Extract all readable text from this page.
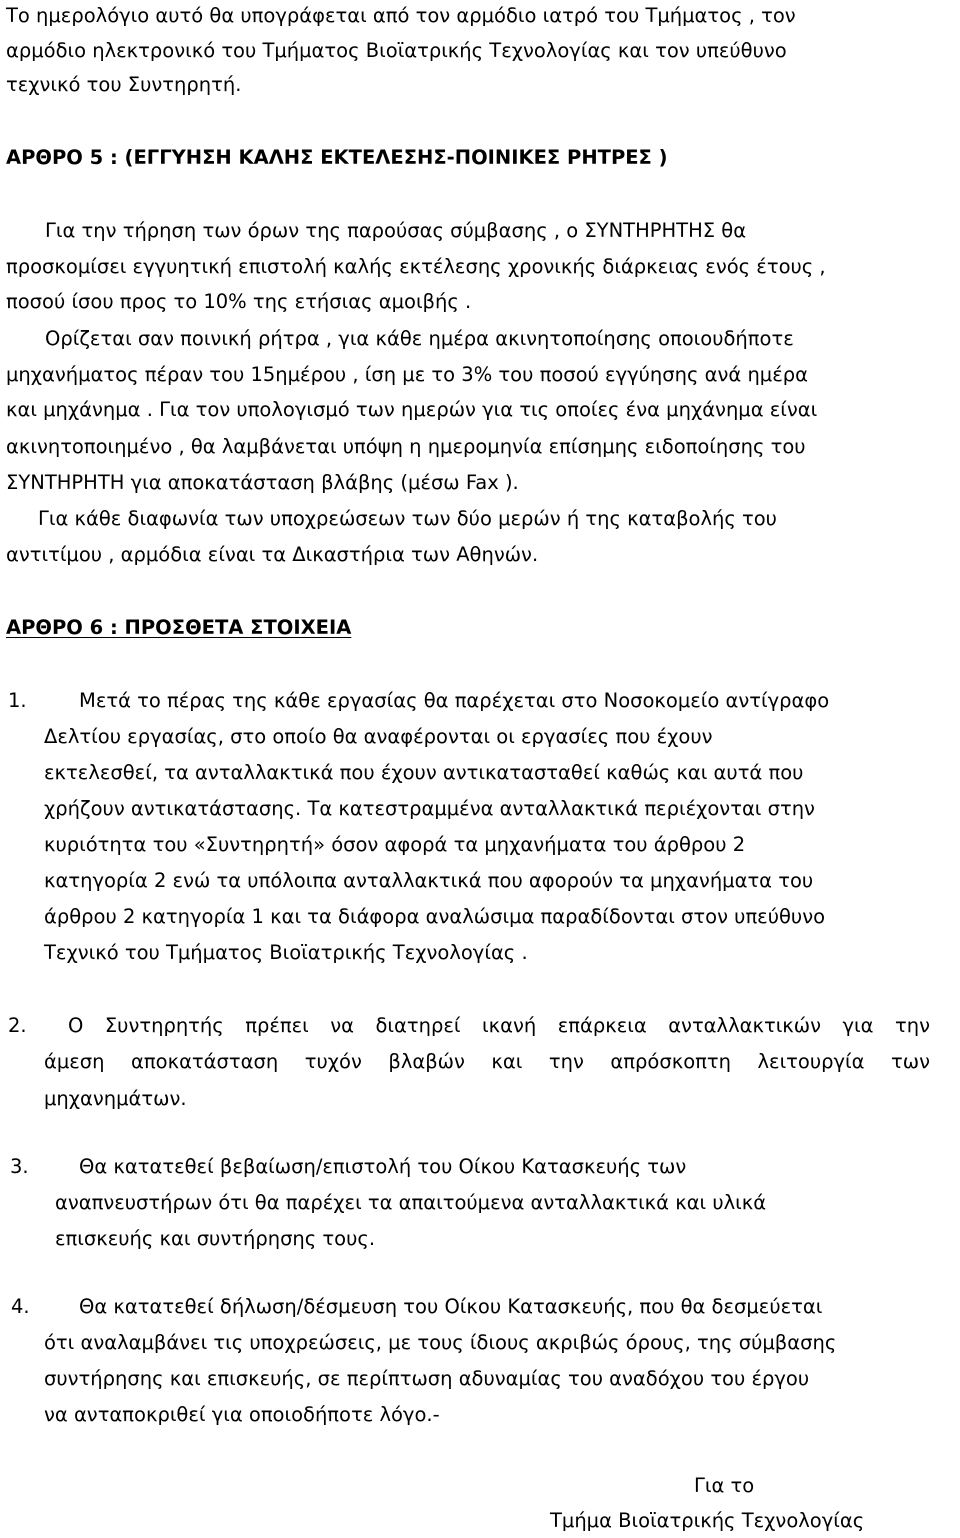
Το ημερολόγιο αυτό θα υπογράφεται από τον αρμόδιο ιατρό του Τμήματος , τον
αρμόδιο ηλεκτρονικό του Τμήματος Βιοϊατρικής Τεχνολογίας και τον υπεύθυνο
τεχνικό του Συντηρητή.
ΑΡΘΡΟ 5 : (ΕΓΓΥΗΣΗ ΚΑΛΗΣ ΕΚΤΕΛΕΣΗΣ-ΠΟΙΝΙΚΕΣ ΡΗΤΡΕΣ )
Για την τήρηση των όρων της παρούσας σύμβασης , ο ΣΥΝΤΗΡΗΤΗΣ θα
προσκομίσει εγγυητική επιστολή καλής εκτέλεσης χρονικής διάρκειας ενός έτους ,
ποσού ίσου προς το 10% της ετήσιας αμοιβής .
Ορίζεται σαν ποινική ρήτρα , για κάθε ημέρα ακινητοποίησης οποιουδήποτε
μηχανήματος πέραν του 15ημέρου , ίση με το 3% του ποσού εγγύησης ανά ημέρα
και μηχάνημα . Για τον υπολογισμό των ημερών για τις οποίες ένα μηχάνημα είναι
ακινητοποιημένο , θα λαμβάνεται υπόψη η ημερομηνία επίσημης ειδοποίησης του
ΣΥΝΤΗΡΗΤΗ για αποκατάσταση βλάβης (μέσω Fax ).
Για κάθε διαφωνία των υποχρεώσεων των δύο μερών ή της καταβολής του
αντιτίμου , αρμόδια είναι τα Δικαστήρια των Αθηνών.
ΑΡΘΡΟ 6 : ΠΡΟΣΘΕΤΑ ΣΤΟΙΧΕΙΑ
1.	Μετά το πέρας της κάθε εργασίας θα παρέχεται στο Νοσοκομείο αντίγραφο
Δελτίου εργασίας, στο οποίο θα αναφέρονται οι εργασίες που έχουν
εκτελεσθεί, τα ανταλλακτικά που έχουν αντικατασταθεί καθώς και αυτά που
χρήζουν αντικατάστασης. Τα κατεστραμμένα ανταλλακτικά περιέχονται στην
κυριότητα του «Συντηρητή» όσον αφορά τα μηχανήματα του άρθρου 2
κατηγορία 2 ενώ τα υπόλοιπα ανταλλακτικά που αφορούν τα μηχανήματα του
άρθρου 2 κατηγορία 1 και τα διάφορα αναλώσιμα παραδίδονται στον υπεύθυνο
Τεχνικό του Τμήματος Βιοϊατρικής Τεχνολογίας .
2. Ο Συντηρητής πρέπει να διατηρεί ικανή επάρκεια ανταλλακτικών για την
άμεση αποκατάσταση τυχόν βλαβών και την απρόσκοπτη λειτουργία των
μηχανημάτων.
3.	Θα κατατεθεί βεβαίωση/επιστολή του Οίκου Κατασκευής των
αναπνευστήρων ότι θα παρέχει τα απαιτούμενα ανταλλακτικά και υλικά
επισκευής και συντήρησης τους.
4.	Θα κατατεθεί δήλωση/δέσμευση του Οίκου Κατασκευής, που θα δεσμεύεται
ότι αναλαμβάνει τις υποχρεώσεις, με τους ίδιους ακριβώς όρους, της σύμβασης
συντήρησης και επισκευής, σε περίπτωση αδυναμίας του αναδόχου του έργου
να ανταποκριθεί για οποιοδήποτε λόγο.-
Για το
Τμήμα Βιοϊατρικής Τεχνολογίας
